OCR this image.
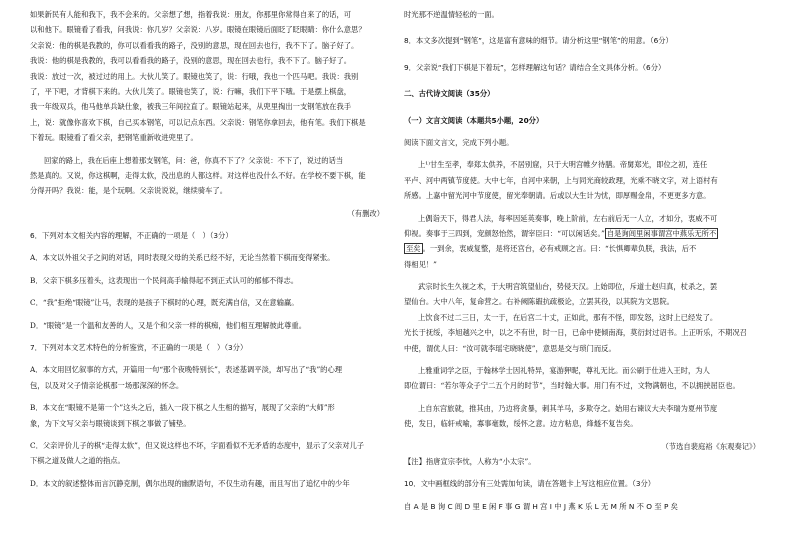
如果新民有人能和我下，我不会来的。父亲想了想，指着我说：朋友，你那里你常得自来了的话，可
以和他下。眼镜看了看我，问我说：你几岁？父亲说：八岁。眼镜在眼镜后面眨了眨眼睛：你什么意思？
父亲说：他的棋是我教的，你可以看看我的路子，没别的意思，现在回去也行，我不下了。脑子好了。
我说：他的棋是我教的，我可以看看我的路子，没别的意思，现在回去也行，我不下了。脑子好了。
我说：放过一次，被过过的用上。大伙儿笑了。眼镜也笑了，说：行哦，我也一个匹马吧。我说：我别
了，平下吧，才背棋下来的。大伙儿笑了。眼镜也笑了，说：行嘛，我们下平下哦。于是摆上棋盘，
我一年级双兵，他马他单兵缺仕象，被我三年间拉直了。眼镜站起来，从兜里掏出一支钢笔放在我手
上，说：就像你喜欢下棋，自己买本钢笔，可以记点东西。父亲说：钢笔你拿回去，他有笔。我们下棋是
下着玩。眼镜看了看父亲，把钢笔重新收进兜里了。
回家的路上，我在后座上想着那支钢笔，问：爸，你真不下了？父亲说：不下了，说过的话当
然是真的。又说，你这棋啊，走得太软，没出息的人都这样。对这样也没什么不好。在学校不要下棋，能
分得开吗？我说：能，是个玩啊。父亲说说说，继续骑车了。
（有删改）
6．下列对本文相关内容的理解，不正确的一项是（　）（3分）
A．本文以外祖父子之间的对话，同时表现父母的关系已经不好，无论当然着下棋而变得紧张。
B．父亲下棋多压着头，这表现出一个民间高手输得起不到正式认可的郁郁不得志。
C．“我”拒绝“眼镜”让马，表现的是孩子下棋时的心理，既充满自信，又在意输赢。
D．“眼镜”是一个温和友善的人，又是个和父亲一样的棋痴，他们相互理解彼此尊重。
7．下列对本文艺术特色的分析鉴赏，不正确的一项是（　）（3分）
A．本文用回忆叙事的方式，开篇用一句“那个夜晚特别长”，表述基调平淡，却写出了“我”的心理
包，以及对父子情亲论棋那一场那深深的怀念。
B．本文在“眼镜不是第一个”这头之后，插入一段下棋之人生相的描写，展现了父亲的“大师”形
象，为下文写父亲与眼镜谈到下棋之事做了铺垫。
C．父亲评价儿子的棋“走得太软”，但又说这样也不坏，字面看似不无矛盾的态度中，显示了父亲对儿子
下棋之道及做人之道的指点。
D．本文的叙述整体而言沉静克制，偶尔出现的幽默语句，不仅生动有趣，而且写出了追忆中的少年
时光那不逆温情轻松的一面。
8．本文多次提到“钢笔”，这是富有意味的细节。请分析这里“钢笔”的用意。（6分）
9．父亲说“我们下棋是下着玩”，怎样理解这句话？请结合全文具体分析。（6分）
二、古代诗文阅读（35分）
（一）文言文阅读（本题共5小题，20分）
阅读下面文言文，完成下列小题。
上¹⁾甘生至孝，奉郑太供养，不居别窟，只于大明宫帷夕待膳。帝舅郑光，即位之初，连任
平卢、河中两镇节度使。大中七年，自河中来朝，上与同光商较政理，光乘不晓文字，对上语村有
所感。上嘉中留光河中节度使，留光奉朝请。后或以大生计为忧，即厚赐金帛，不更更多方意。
上偶诣天下，得君人法，每率因延英奏事，晚上阶前，左右前后无一人立，才如分，衷威不可
仰视。奏事于三四到，宠颜怒怡然，谓宰臣曰：“可以闲话矣。” 自是询闾里闲事谓宫中燕乐无所不
至矣 。一到余，衷威复整，是将还宫台，必有戒顾之言。曰：“长惧卿辈负朕，我法，后不
得相见！”
武宗时长生久视之术，于大明宫筑望仙台，势侵天汉。上始即位，斥道士赵归真，杖杀之，罢
望仙台。大中八年，复命营之。右补阙陈嘏抗疏极论，立罢其役，以其院为文思院。
上饮食不过二三日，太一于，在后宫二十丈，正如此，那有不怪，即发怒，这时上已经发了。
光长于抚绥，李旭越兴之中，以之不有世，时一日，已命中使倾南海，莫衍封过诏书。上正听乐，不期况召
中使，谓优人曰：“汝可就李瑶宅晓晓使”，意思是交与琐门而反。
上雅重词学之臣，于翰林学士因礼特异，宴游狎昵，尊礼无比。而公刷于仕进入王时，为人
即位谓曰：“若尔等众子宁二五个月的时节”，当时翰大事。用门有不过，文物满朝也，不以拥挟屈臣也。
上自东宫旅就，推其由，乃边将贪暴，刺其羊马，多欺夺之。始用右谏议大夫李瑞为夏州节度
使，发日，临轩戒喻，寡事毫数，绥怀之意。边方粘息，烽燧不复告矣。
（节选自裴庭裕《东观奏记》）
【注】指唐宣宗李忱，人称为“小太宗”。
10．文中画框线的部分有三处需加句读，请在答题卡上写这相应位置。（3分）
自 A 是 B 询 C 闾 D 里 E 闲 F 事 G 谓 H 宫 I 中 J 燕 K 乐 L 无 M 所 N 不 O 至 P 矣
